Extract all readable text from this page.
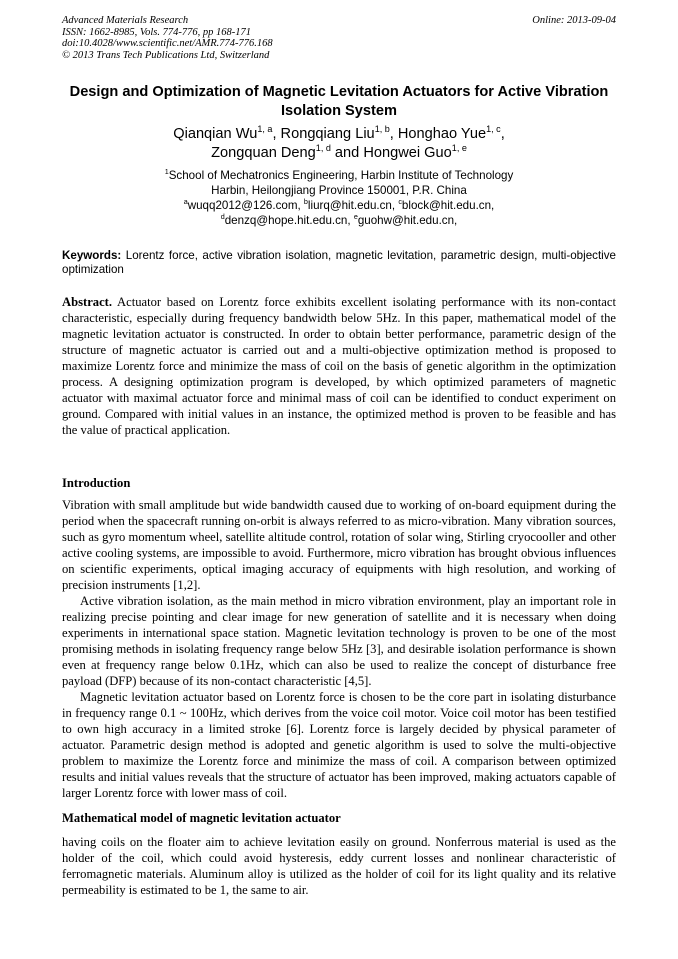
Advanced Materials Research
ISSN: 1662-8985, Vols. 774-776, pp 168-171
doi:10.4028/www.scientific.net/AMR.774-776.168
© 2013 Trans Tech Publications Ltd, Switzerland
Online: 2013-09-04
Design and Optimization of Magnetic Levitation Actuators for Active Vibration Isolation System
Qianqian Wu$^{1, a}$, Rongqiang Liu$^{1, b}$, Honghao Yue$^{1, c}$,
Zongquan Deng$^{1, d}$ and Hongwei Guo$^{1, e}$
$^1$School of Mechatronics Engineering, Harbin Institute of Technology
Harbin, Heilongjiang Province 150001, P.R. China
$^a$wuqq2012@126.com, $^b$liurq@hit.edu.cn, $^c$block@hit.edu.cn,
$^d$denzq@hope.hit.edu.cn, $^e$guohw@hit.edu.cn,
Keywords: Lorentz force, active vibration isolation, magnetic levitation, parametric design, multi-objective optimization
Abstract. Actuator based on Lorentz force exhibits excellent isolating performance with its non-contact characteristic, especially during frequency bandwidth below 5Hz. In this paper, mathematical model of the magnetic levitation actuator is constructed. In order to obtain better performance, parametric design of the structure of magnetic actuator is carried out and a multi-objective optimization method is proposed to maximize Lorentz force and minimize the mass of coil on the basis of genetic algorithm in the optimization process. A designing optimization program is developed, by which optimized parameters of magnetic actuator with maximal actuator force and minimal mass of coil can be identified to conduct experiment on ground. Compared with initial values in an instance, the optimized method is proven to be feasible and has the value of practical application.
Introduction

Vibration with small amplitude but wide bandwidth caused due to working of on-board equipment during the period when the spacecraft running on-orbit is always referred to as micro-vibration. Many vibration sources, such as gyro momentum wheel, satellite altitude control, rotation of solar wing, Stirling cryocooller and other active cooling systems, are impossible to avoid. Furthermore, micro vibration has brought obvious influences on scientific experiments, optical imaging accuracy of equipments with high resolution, and working of precision instruments [1,2].

Active vibration isolation, as the main method in micro vibration environment, play an important role in realizing precise pointing and clear image for new generation of satellite and it is necessary when doing experiments in international space station. Magnetic levitation technology is proven to be one of the most promising methods in isolating frequency range below 5Hz [3], and desirable isolation performance is shown even at frequency range below 0.1Hz, which can also be used to realize the concept of disturbance free payload (DFP) because of its non-contact characteristic [4,5].

Magnetic levitation actuator based on Lorentz force is chosen to be the core part in isolating disturbance in frequency range 0.1 ~ 100Hz, which derives from the voice coil motor. Voice coil motor has been testified to own high accuracy in a limited stroke [6]. Lorentz force is largely decided by physical parameter of actuator. Parametric design method is adopted and genetic algorithm is used to solve the multi-objective problem to maximize the Lorentz force and minimize the mass of coil. A comparison between optimized results and initial values reveals that the structure of actuator has been improved, making actuators capable of larger Lorentz force with lower mass of coil.

Mathematical model of magnetic levitation actuator

having coils on the floater aim to achieve levitation easily on ground. Nonferrous material is used as the holder of the coil, which could avoid hysteresis, eddy current losses and nonlinear characteristic of ferromagnetic materials. Aluminum alloy is utilized as the holder of coil for its light quality and its relative permeability is estimated to be 1, the same to air.
